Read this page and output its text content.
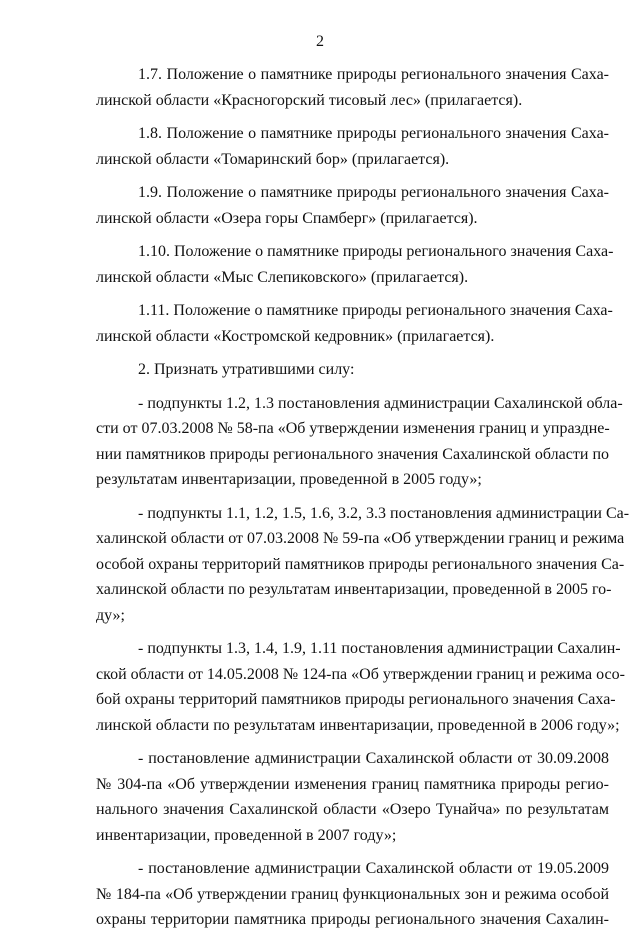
2
1.7. Положение о памятнике природы регионального значения Саха-
линской области «Красногорский тисовый лес» (прилагается).
1.8. Положение о памятнике природы регионального значения Саха-
линской области «Томаринский бор» (прилагается).
1.9. Положение о памятнике природы регионального значения Саха-
линской области «Озера горы Спамберг» (прилагается).
1.10. Положение о памятнике природы регионального значения Саха-
линской области «Мыс Слепиковского» (прилагается).
1.11. Положение о памятнике природы регионального значения Саха-
линской области «Костромской кедровник» (прилагается).
2. Признать утратившими силу:
- подпункты 1.2, 1.3 постановления администрации Сахалинской обла-
сти от 07.03.2008 № 58-па «Об утверждении изменения границ и упраздне-
нии памятников природы регионального значения Сахалинской области по
результатам инвентаризации, проведенной в 2005 году»;
- подпункты 1.1, 1.2, 1.5, 1.6, 3.2, 3.3 постановления администрации Са-
халинской области от 07.03.2008 № 59-па «Об утверждении границ и режима
особой охраны территорий памятников природы регионального значения Са-
халинской области по результатам инвентаризации, проведенной в 2005 го-
ду»;
- подпункты 1.3, 1.4, 1.9, 1.11 постановления администрации Сахалин-
ской области от 14.05.2008 № 124-па «Об утверждении границ и режима осо-
бой охраны территорий памятников природы регионального значения Саха-
линской области по результатам инвентаризации, проведенной в 2006 году»;
- постановление администрации Сахалинской области от 30.09.2008
№ 304-па «Об утверждении изменения границ памятника природы регио-
нального значения Сахалинской области «Озеро Тунайча» по результатам
инвентаризации, проведенной в 2007 году»;
- постановление администрации Сахалинской области от 19.05.2009
№ 184-па «Об утверждении границ функциональных зон и режима особой
охраны территории памятника природы регионального значения Сахалин-
